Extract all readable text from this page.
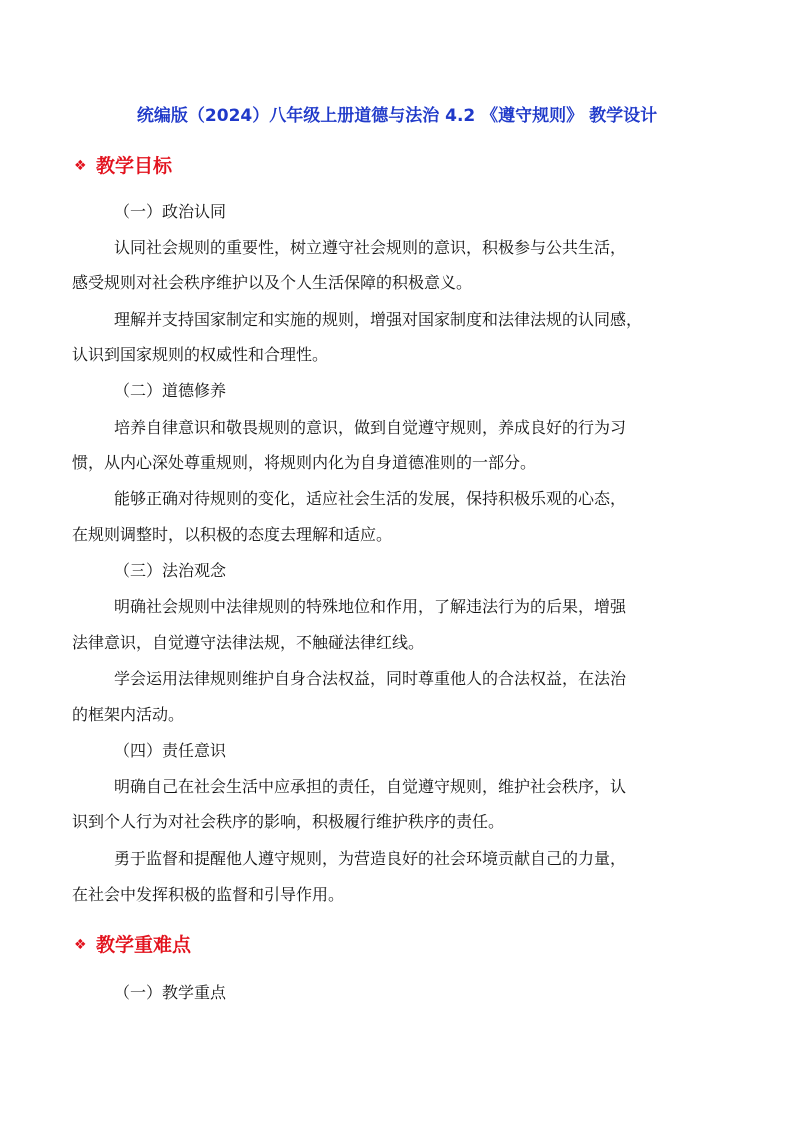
统编版（2024）八年级上册道德与法治 4.2 《遵守规则》 教学设计
❖ 教学目标
（一）政治认同
认同社会规则的重要性，树立遵守社会规则的意识，积极参与公共生活，
感受规则对社会秩序维护以及个人生活保障的积极意义。
理解并支持国家制定和实施的规则，增强对国家制度和法律法规的认同感，
认识到国家规则的权威性和合理性。
（二）道德修养
培养自律意识和敬畏规则的意识，做到自觉遵守规则，养成良好的行为习
惯，从内心深处尊重规则，将规则内化为自身道德准则的一部分。
能够正确对待规则的变化，适应社会生活的发展，保持积极乐观的心态，
在规则调整时，以积极的态度去理解和适应。
（三）法治观念
明确社会规则中法律规则的特殊地位和作用，了解违法行为的后果，增强
法律意识，自觉遵守法律法规，不触碰法律红线。
学会运用法律规则维护自身合法权益，同时尊重他人的合法权益，在法治
的框架内活动。
（四）责任意识
明确自己在社会生活中应承担的责任，自觉遵守规则，维护社会秩序，认
识到个人行为对社会秩序的影响，积极履行维护秩序的责任。
勇于监督和提醒他人遵守规则，为营造良好的社会环境贡献自己的力量，
在社会中发挥积极的监督和引导作用。
❖ 教学重难点
（一）教学重点
